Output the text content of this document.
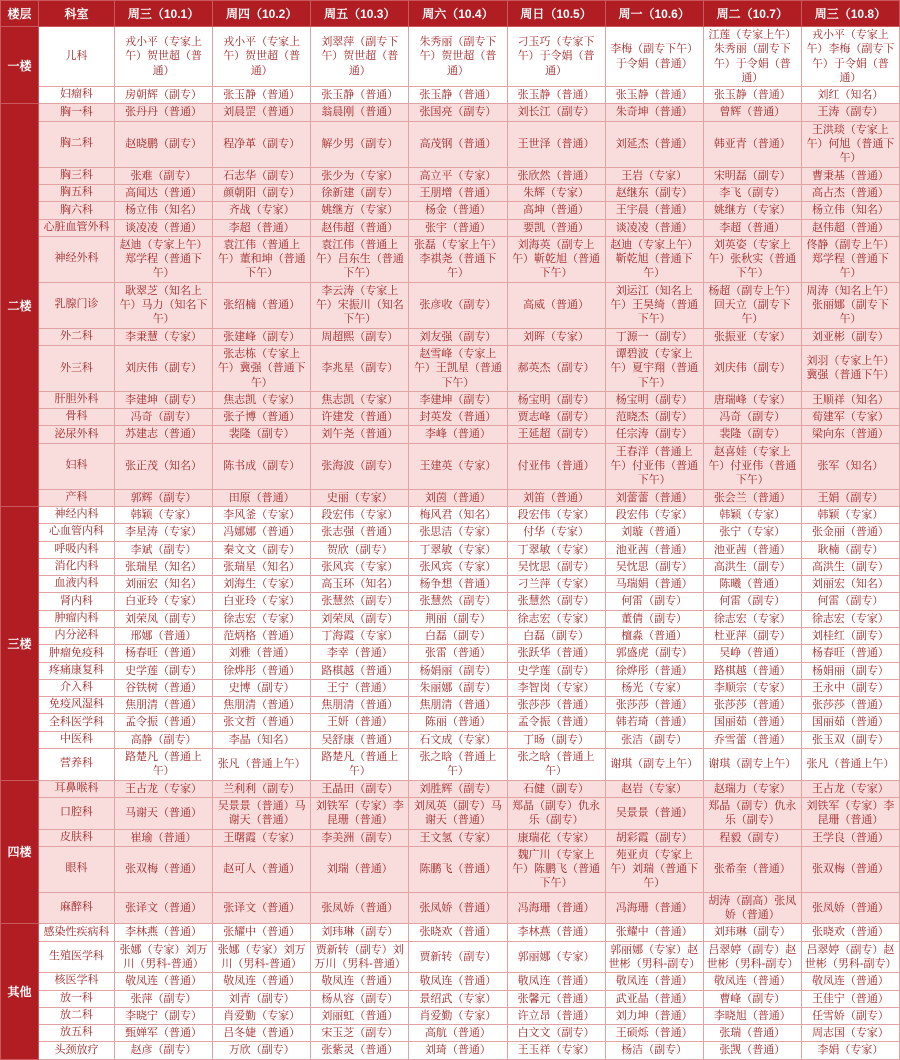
楼层	科室	周三（10.1）	周四（10.2）	周五（10.3）	周六（10.4）	周日（10.5）	周一（10.6）	周二（10.7）	周三（10.8）
一楼	儿科	戎小平（专家上午）贺世超（普通）	戎小平（专家上午）贺世超（普通）	刘翠萍（副专下午）贺世超（普通）	朱秀丽（副专下午）贺世超（普通）	刁玉巧（专家下午）于令娟（普通）	李梅（副专下午）于令娟（普通）	江莲（专家上午）朱秀丽（副专下午）于令娟（普通）	戎小平（专家上午）李梅（副专下午）于令娟（普通）
	妇瘤科	房朝辉（副专）	张玉静（普通）	张玉静（普通）	张玉静（普通）	张玉静（普通）	张玉静（普通）	张玉静（普通）	刘红（知名）
二楼	胸一科	张丹丹（普通）	刘晨罡（普通）	翁晨刚（普通）	张国亮（副专）	刘长江（副专）	朱奇坤（普通）	曾辉（普通）	王涛（副专）
	胸二科	赵晓鹏（副专）	程净革（副专）	解少男（副专）	高茂钢（普通）	王世泽（普通）	刘延杰（普通）	韩亚青（普通）	王洪琰（专家上午）何旭（普通下午）
	胸三科	张难（副专）	石志华（副专）	张少为（专家）	高立平（专家）	张欣然（普通）	王岩（专家）	宋明磊（副专）	曹秉基（普通）
	胸五科	高闻达（普通）	颜朝阳（副专）	徐新建（副专）	王朋增（普通）	朱辉（专家）	赵继东（副专）	李飞（副专）	高占杰（普通）
	胸六科	杨立伟（知名）	齐战（专家）	姚继方（专家）	杨金（普通）	高坤（普通）	王宇晨（普通）	姚继方（专家）	杨立伟（知名）
	心脏血管外科	谈凌凌（普通）	李超（普通）	赵伟超（普通）	张宇（普通）	要凯（普通）	谈凌凌（普通）	李超（普通）	赵伟超（普通）
	神经外科	赵迪（专家上午）郑学程（普通下午）	袁江伟（普通上午）董和坤（普通下午）	袁江伟（普通上午）吕东生（普通下午）	张磊（专家上午）李祺尧（普通下午）	刘海英（副专上午）靳乾旭（普通下午）	赵迪（专家上午）靳乾旭（普通下午）	刘英姿（专家上午）张秋实（普通下午）	佟静（副专上午）郑学程（普通下午）
	乳腺门诊	耿翠芝（知名上午）马力（知名下午）	张绍楠（普通）	李云涛（专家上午）宋振川（知名下午）	张彦收（副专）	高威（普通）	刘运江（知名上午）王昊绮（普通下午）	杨超（副专上午）回天立（副专下午）	周涛（知名上午）张丽娜（副专下午）
	外二科	李秉慧（专家）	张建峰（副专）	周超熙（副专）	刘友强（副专）	刘晖（专家）	丁源一（副专）	张振亚（专家）	刘亚彬（副专）
	外三科	刘庆伟（副专）	张志栋（专家上午）冀强（普通下午）	李兆星（副专）	赵雪峰（专家上午）王凯星（普通下午）	郝英杰（副专）	谭碧波（专家上午）夏宇翔（普通下午）	刘庆伟（副专）	刘羽（专家上午）冀强（普通下午）
	肝胆外科	李建坤（副专）	焦志凯（专家）	焦志凯（专家）	李建坤（副专）	杨宝明（副专）	杨宝明（副专）	唐瑞峰（专家）	王顺祥（知名）
	骨科	冯奇（副专）	张子博（普通）	许建发（普通）	封英发（普通）	贾志峰（副专）	范晓杰（副专）	冯奇（副专）	荀建军（专家）
	泌尿外科	苏建志（普通）	裴隆（副专）	刘午尧（普通）	李峰（普通）	王延超（副专）	任宗涛（副专）	裴隆（副专）	梁向东（普通）
	妇科	张正茂（知名）	陈书成（副专）	张海波（副专）	王建英（专家）	付亚伟（普通）	王春洋（普通上午）付亚伟（普通下午）	赵喜娃（专家上午）付亚伟（普通下午）	张军（知名）
	产科	郭辉（副专）	田原（普通）	史丽（专家）	刘茵（普通）	刘笛（普通）	刘蕾蕾（普通）	张会兰（普通）	王娟（副专）
三楼	神经内科	韩颖（专家）	李风釜（专家）	段宏伟（专家）	梅风君（知名）	段宏伟（专家）	段宏伟（专家）	韩颖（专家）	韩颖（专家）
	心血管内科	李星涛（专家）	冯娜娜（普通）	张志强（普通）	张思洁（专家）	付华（专家）	刘璇（普通）	张宁（专家）	张金丽（普通）
	呼吸内科	李斌（副专）	秦文文（副专）	贺欣（副专）	丁翠敏（专家）	丁翠敏（专家）	池亚茜（普通）	池亚茜（普通）	耿楠（副专）
	消化内科	张瑞星（知名）	张瑞星（知名）	张风宾（专家）	张风宾（专家）	吴忱思（副专）	吴忱思（副专）	高洪生（副专）	高洪生（副专）
	血液内科	刘丽宏（知名）	刘海生（专家）	高玉环（知名）	杨争想（普通）	刁兰萍（专家）	马瑞娟（普通）	陈曦（普通）	刘丽宏（知名）
	肾内科	白亚玲（专家）	白亚玲（专家）	张慧然（副专）	张慧然（副专）	张慧然（副专）	何雷（副专）	何雷（副专）	何雷（副专）
	肿瘤内科	刘荣凤（副专）	徐志宏（专家）	刘荣凤（副专）	荆丽（副专）	徐志宏（专家）	董倩（副专）	徐志宏（专家）	徐志宏（专家）
	内分泌科	邢娜（普通）	范炳格（普通）	丁海霞（专家）	白磊（副专）	白磊（副专）	檀淼（普通）	杜亚萍（副专）	刘桂红（副专）
	肿瘤免疫科	杨春旺（普通）	刘雅（普通）	李幸（普通）	张雷（普通）	张跃华（普通）	郭盛虎（副专）	吴峥（普通）	杨春旺（普通）
	疼痛康复科	史学莲（副专）	徐烨彤（普通）	路棋越（普通）	杨娟丽（副专）	史学莲（副专）	徐烨彤（普通）	路棋越（普通）	杨娟丽（副专）
	介入科	谷铁树（普通）	史博（副专）	王宁（普通）	朱丽娜（副专）	李智岗（专家）	杨光（专家）	李顺宗（专家）	王永中（副专）
	免疫风湿科	焦朋清（普通）	焦朋清（普通）	焦朋清（普通）	焦朋清（普通）	张莎莎（普通）	张莎莎（普通）	张莎莎（普通）	张莎莎（普通）
	全科医学科	孟令振（普通）	张文哲（普通）	王妍（普通）	陈丽（普通）	孟令振（普通）	韩若琦（普通）	国丽茹（普通）	国丽茹（普通）
	中医科	高静（副专）	李晶（知名）	吴舒康（普通）	石文成（专家）	丁旸（副专）	张洁（副专）	乔雪蕾（普通）	张玉双（副专）
	营养科	路楚凡（普通上午）	张凡（普通上午）	路楚凡（普通上午）	张之晗（普通上午）	张之晗（普通上午）	谢琪（副专上午）	谢琪（副专上午）	张凡（普通上午）
四楼	耳鼻喉科	王占龙（专家）	兰利利（副专）	王晶田（副专）	刘胜辉（副专）	石健（副专）	赵岩（专家）	赵瑞力（专家）	王占龙（专家）
	口腔科	马谢天（普通）	吴景景（普通）马谢天（普通）	刘铁军（专家）李昆珊（普通）	刘凤英（副专）马谢天（普通）	郑晶（副专）仇永乐（副专）	吴景景（普通）	郑晶（副专）仇永乐（副专）	刘铁军（专家）李昆珊（普通）
	皮肤科	崔瑜（普通）	王曙霞（专家）	李美洲（副专）	王文氢（专家）	康瑞花（专家）	胡彩霞（副专）	程毅（副专）	王学良（普通）
	眼科	张双梅（普通）	赵可人（普通）	刘瑞（普通）	陈鹏飞（普通）	魏广川（专家上午）陈鹏飞（普通下午）	苑亚贞（专家上午）刘瑞（普通下午）	张希奎（普通）	张双梅（普通）
	麻醉科	张译文（普通）	张译文（普通）	张凤娇（普通）	张凤娇（普通）	冯海珊（普通）	冯海珊（普通）	胡涛（副高）张凤娇（普通）	张凤娇（普通）
其他	感染性疾病科	李林燕（普通）	张耀中（普通）	刘玮琳（副专）	张晓欢（普通）	李林燕（普通）	张耀中（普通）	刘玮琳（副专）	张晓欢（普通）
	生殖医学科	张娜（专家）刘万川（男科-普通）	张娜（专家）刘万川（男科-普通）	贾新转（副专）刘万川（男科-普通）	贾新转（副专）	郭丽娜（专家）	郭丽娜（专家）赵世彬（男科-副专）	吕翠婷（副专）赵世彬（男科-副专）	吕翠婷（副专）赵世彬（男科-副专）
	核医学科	敬凤连（普通）	敬凤连（普通）	敬凤连（普通）	敬凤连（普通）	敬凤连（普通）	敬凤连（普通）	敬凤连（普通）	敬凤连（普通）
	放一科	张萍（副专）	刘青（副专）	杨从容（副专）	景绍武（专家）	张馨元（普通）	武亚晶（普通）	曹峰（副专）	王佳宁（普通）
	放二科	李晓宁（副专）	肖爱勤（专家）	刘丽虹（普通）	肖爱勤（专家）	许立昂（普通）	刘力坤（普通）	李晓旭（普通）	任雪娇（副专）
	放五科	甄婵军（普通）	吕冬婕（普通）	宋玉芝（副专）	高航（普通）	白文文（副专）	王硕烁（普通）	张瑞（普通）	周志国（专家）
	头颈放疗	赵彦（副专）	万欣（副专）	张紫灵（普通）	刘琦（普通）	王玉祥（专家）	杨洁（副专）	张觊（普通）	李娟（专家）
